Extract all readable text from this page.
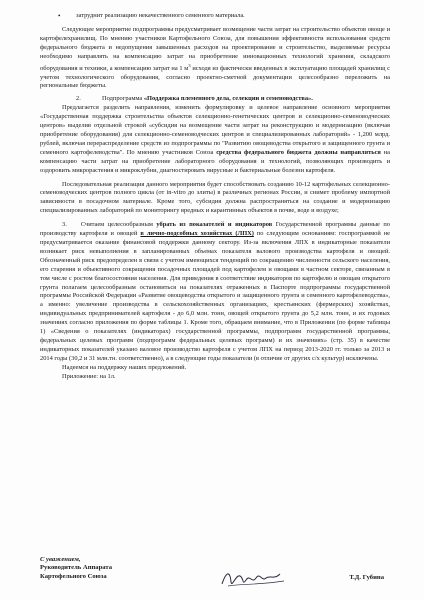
•	затруднит реализацию некачественного семенного материала.

Следующее мероприятие подпрограммы предусматривает возмещение части затрат на строительство объектов овоще и картофелехранилищ. По мнению участников Картофельного Союза, для повышения эффективности использования средств федерального бюджета и недопущения завышенных расходов на проектирование и строительство, выделяемые ресурсы необходимо направлять на компенсацию затрат на приобретение инновационных технологий хранения, складского оборудования и техники, а компенсацию затрат на 1 $м^3$ исходя из фактически введенных в эксплуатацию площадей хранилищ с учетом технологического оборудования, согласно проектно-сметной документации целесообразно переложить на региональные бюджеты.

2.	Подпрограмма «Поддержка племенного дела, селекции и семеноводства».

Предлагается разделить направления, изменить формулировку и целевое направление основного мероприятия «Государственная поддержка строительства объектов селекционно-генетических центров и селекционно-семеноводческих центров» выделив отдельной строкой «субсидия на возмещение части затрат на реконструкцию и модернизацию (включая приобретение оборудования) для селекционно-семеноводческих центров и специализированных лабораторий» - 1,200 млрд. рублей, включая перераспределение средств из подпрограммы по "Развитию овощеводства открытого и защищенного грунта и семенного картофелеводства". По мнению участников Союза средства федерального бюджета должны направляться на компенсацию части затрат на приобретение лабораторного оборудования и технологий, позволяющих производить и оздоровить микрорастения и микроклубни, диагностировать вирусные и бактериальные болезни картофеля.

Последовательная реализация данного мероприятия будет способствовать созданию 10-12 картофельных селекционно-семеноводческих центров полного цикла (от in-vitro до элиты) в различных регионах России, и снимет проблему импортной зависимости в посадочном материале. Кроме того, субсидия должна распространяться на создание и модернизацию специализированных лабораторий по мониторингу вредных и карантинных объектов в почве, воде и воздухе;

3. Считаем целесообразным убрать из показателей и индикаторов Государственной программы данные по производству картофеля и овощей в лично-подсобных хозяйствах (ЛПХ) по следующим основаниям: госпрограммой не предусматривается оказание финансовой поддержки данному сектору. Из-за включения ЛПХ в индикаторные показатели возникает риск невыполнения в запланированных объемах показателя валового производства картофеля и овощей. Обозначенный риск предопределен в связи с учетом имеющихся тенденций по сокращению численности сельского населения, его старения и объективного сокращения посадочных площадей под картофелем и овощами в частном секторе, связанным в том числе с ростом благосостояния населения. Для приведения в соответствие индикаторов по картофелю и овощам открытого грунта полагаем целесообразным остановиться на показателях отраженных в Паспорте подпрограммы государственной программы Российской Федерации «Развитие овощеводства открытого и защищенного грунта и семенного картофелеводства», а именно: увеличение производства в сельскохозяйственных организациях, крестьянских (фермерских) хозяйствах, индивидуальных предпринимателей картофеля - до 6,0 млн. тонн, овощей открытого грунта до 5,2 млн. тонн, и их годовых значениях согласно приложения по форме таблицы 1. Кроме того, обращаем внимание, что в Приложении (по форме таблицы 1) «Сведения о показателях (индикаторах) государственной программы, подпрограмм государственной программы, федеральных целевых программ (подпрограмм федеральных целевых программ) и их значениях» (стр. 35) в качестве индикаторных показателей указано валовое производство картофеля с учетом ЛПХ на период 2013-2020 гг. только за 2013 и 2014 годы (30,2 и 31 млн.тн. соответственно), а в следующие годы показатели (в отличие от других с/х культур) исключены.

Надеемся на поддержку наших предложений.

Приложение: на 1л.

С уважением,
Руководитель Аппарата
Картофельного Союза	Т.Д. Губина
